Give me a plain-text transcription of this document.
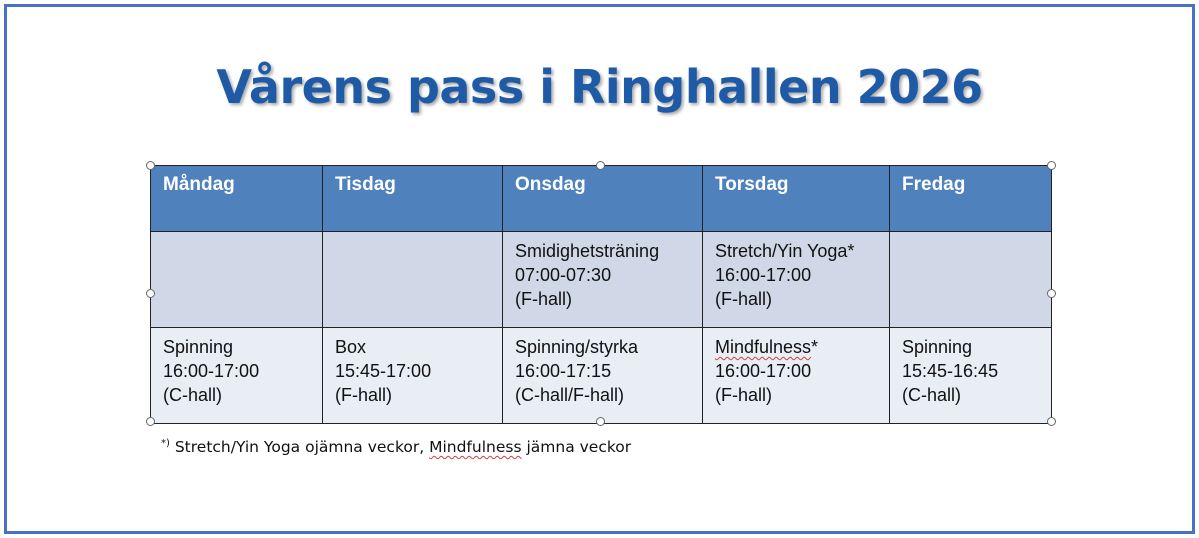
Vårens pass i Ringhallen 2026
Måndag	Tisdag	Onsdag	Torsdag	Fredag

		Smidighetsträning
07:00-07:30
(F-hall)	Stretch/Yin Yoga*
16:00-17:00
(F-hall)	

Spinning
16:00-17:00
(C-hall)	Box
15:45-17:00
(F-hall)	Spinning/styrka
16:00-17:15
(C-hall/F-hall)	Mindfulness*
16:00-17:00
(F-hall)	Spinning
15:45-16:45
(C-hall)
*) Stretch/Yin Yoga ojämna veckor, Mindfulness jämna veckor
